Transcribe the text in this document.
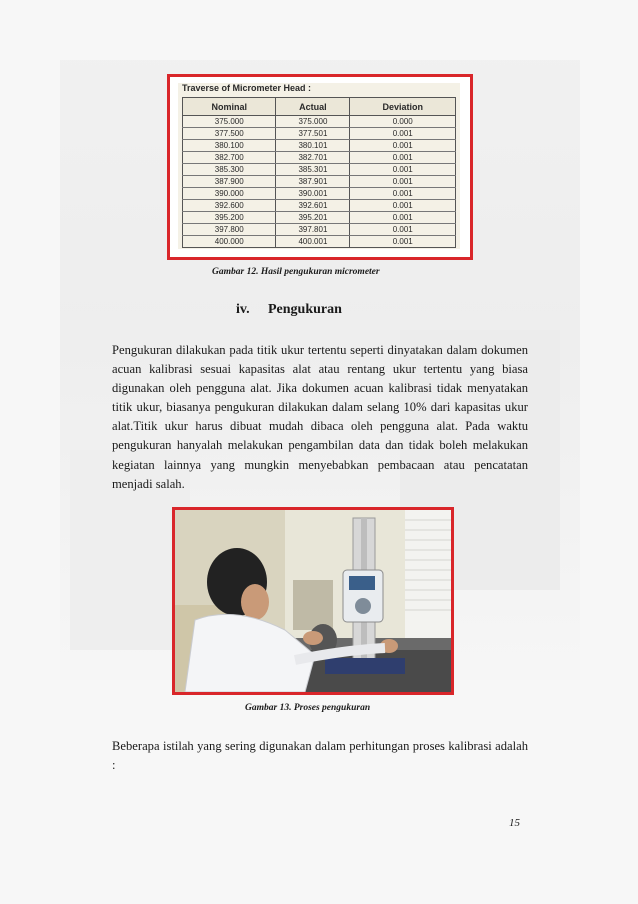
Traverse of Micrometer Head :
Nominal	Actual	Deviation
375.000	375.000	0.000
377.500	377.501	0.001
380.100	380.101	0.001
382.700	382.701	0.001
385.300	385.301	0.001
387.900	387.901	0.001
390.000	390.001	0.001
392.600	392.601	0.001
395.200	395.201	0.001
397.800	397.801	0.001
400.000	400.001	0.001
Gambar 12. Hasil pengukuran micrometer
iv. Pengukuran

Pengukuran dilakukan pada titik ukur tertentu seperti dinyatakan dalam dokumen acuan kalibrasi sesuai kapasitas alat atau rentang ukur tertentu yang biasa digunakan oleh pengguna alat. Jika dokumen acuan kalibrasi tidak menyatakan titik ukur, biasanya pengukuran dilakukan dalam selang 10% dari kapasitas ukur alat.Titik ukur harus dibuat mudah dibaca oleh pengguna alat. Pada waktu pengukuran hanyalah melakukan pengambilan data dan tidak boleh melakukan kegiatan lainnya yang mungkin menyebabkan pembacaan atau pencatatan menjadi salah.

Gambar 13. Proses pengukuran

Beberapa istilah yang sering digunakan dalam perhitungan proses kalibrasi adalah :

15
